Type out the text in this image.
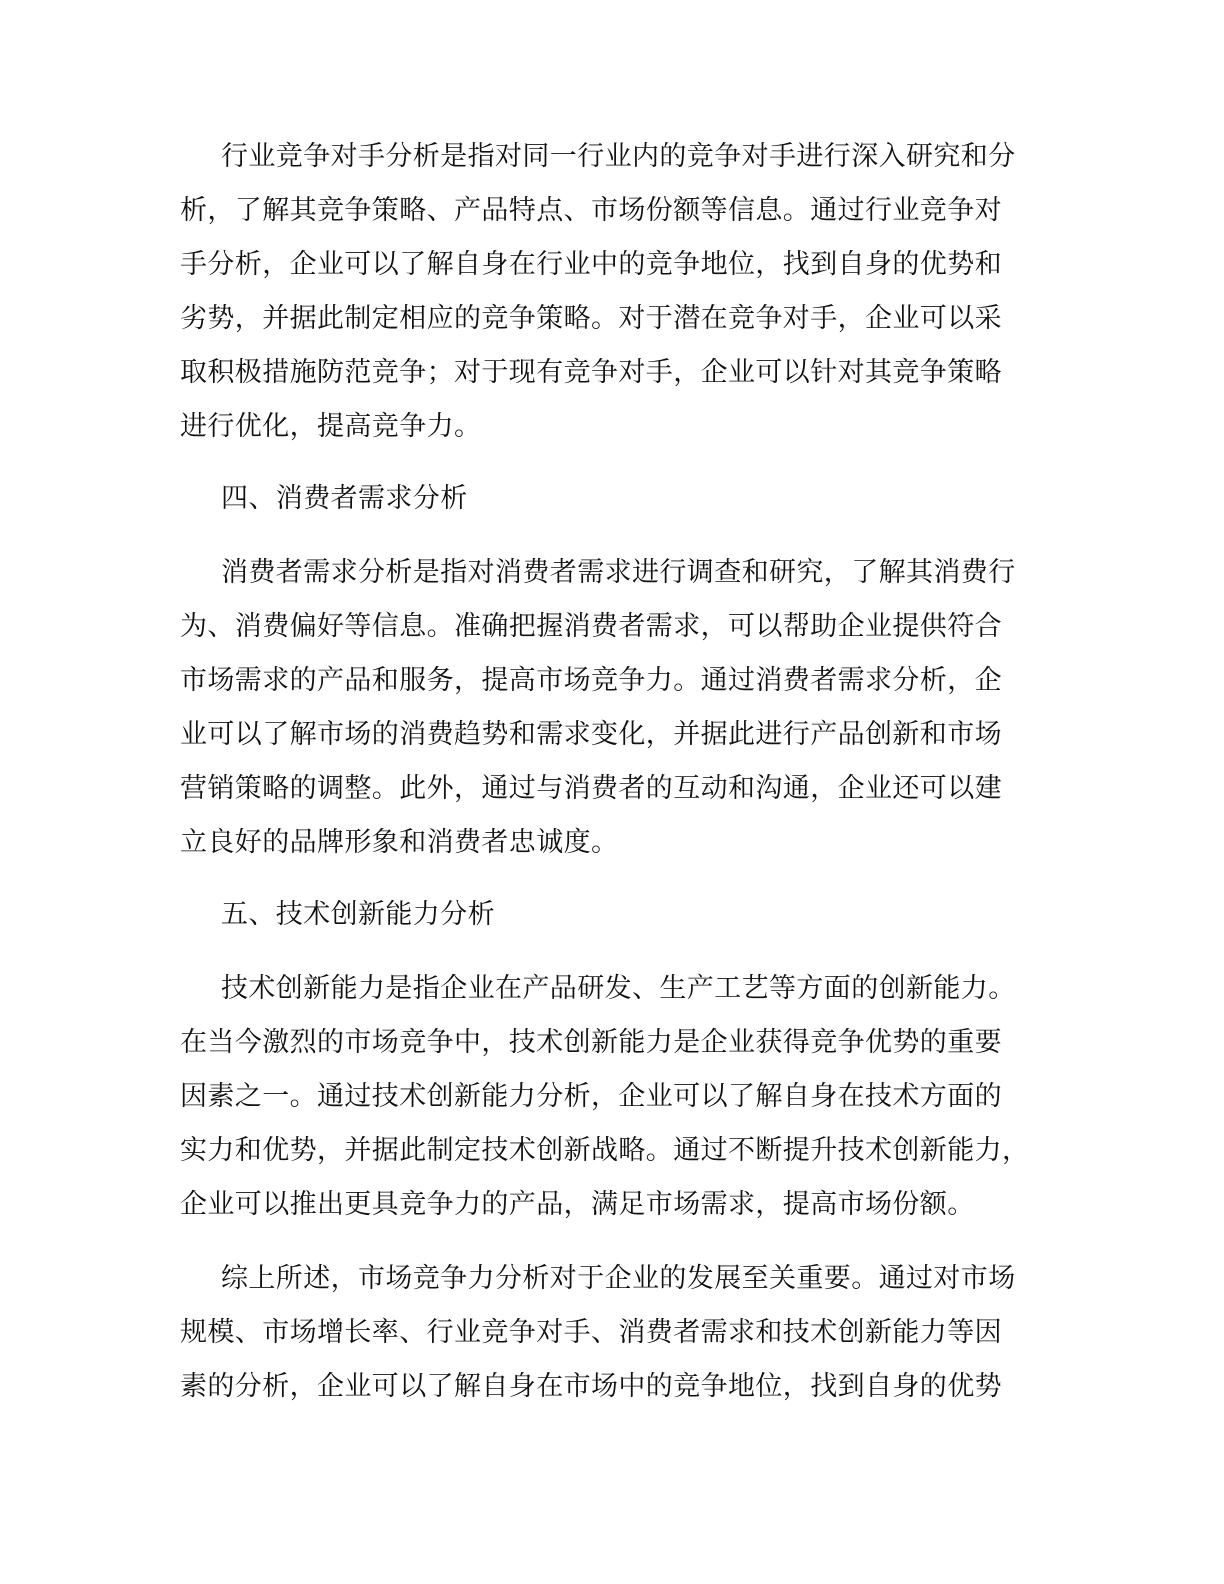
行业竞争对手分析是指对同一行业内的竞争对手进行深入研究和分
析，了解其竞争策略、产品特点、市场份额等信息。通过行业竞争对
手分析，企业可以了解自身在行业中的竞争地位，找到自身的优势和
劣势，并据此制定相应的竞争策略。对于潜在竞争对手，企业可以采
取积极措施防范竞争；对于现有竞争对手，企业可以针对其竞争策略
进行优化，提高竞争力。
四、消费者需求分析
消费者需求分析是指对消费者需求进行调查和研究，了解其消费行
为、消费偏好等信息。准确把握消费者需求，可以帮助企业提供符合
市场需求的产品和服务，提高市场竞争力。通过消费者需求分析，企
业可以了解市场的消费趋势和需求变化，并据此进行产品创新和市场
营销策略的调整。此外，通过与消费者的互动和沟通，企业还可以建
立良好的品牌形象和消费者忠诚度。
五、技术创新能力分析
技术创新能力是指企业在产品研发、生产工艺等方面的创新能力。
在当今激烈的市场竞争中，技术创新能力是企业获得竞争优势的重要
因素之一。通过技术创新能力分析，企业可以了解自身在技术方面的
实力和优势，并据此制定技术创新战略。通过不断提升技术创新能力，
企业可以推出更具竞争力的产品，满足市场需求，提高市场份额。
综上所述，市场竞争力分析对于企业的发展至关重要。通过对市场
规模、市场增长率、行业竞争对手、消费者需求和技术创新能力等因
素的分析，企业可以了解自身在市场中的竞争地位，找到自身的优势
